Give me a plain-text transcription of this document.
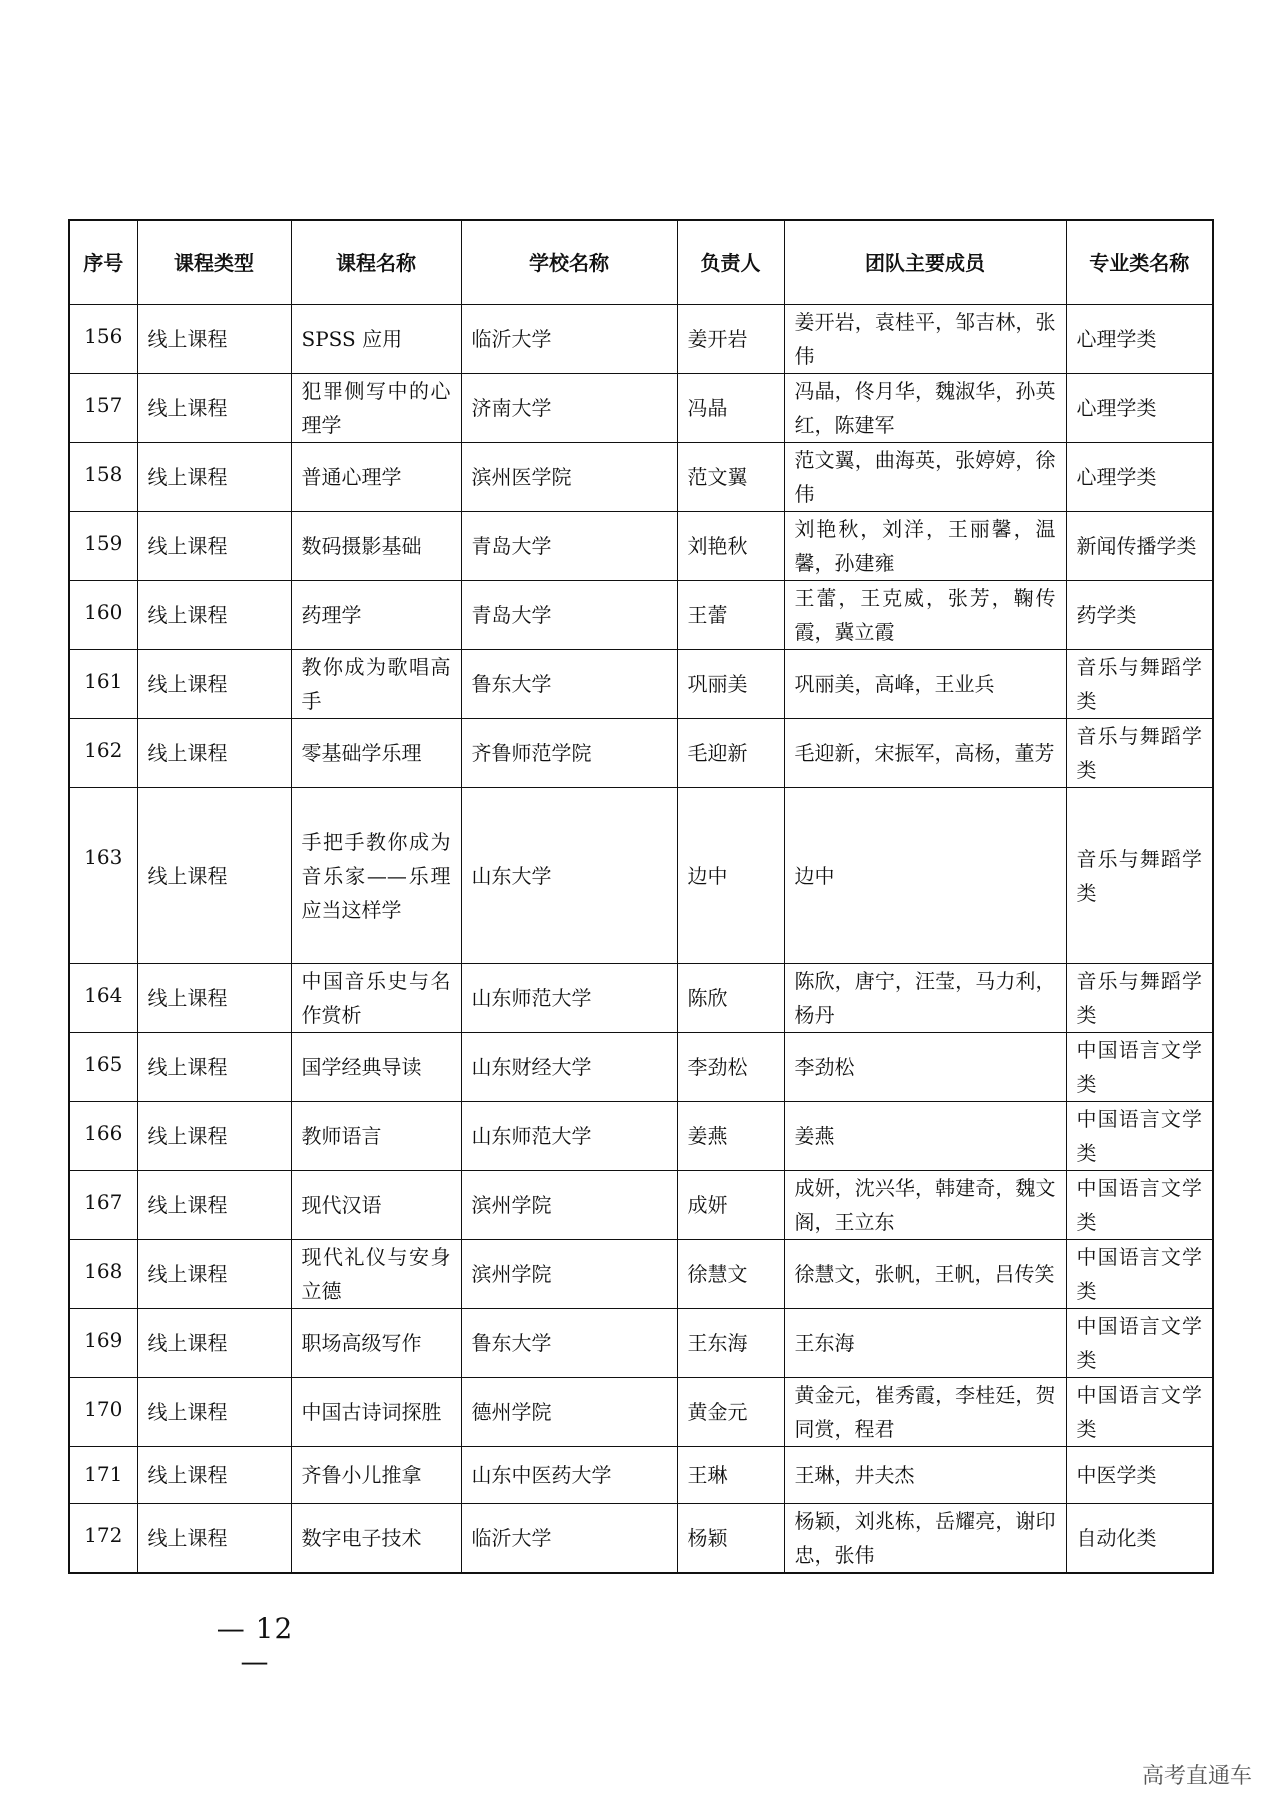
序号	课程类型	课程名称	学校名称	负责人	团队主要成员	专业类名称
156	线上课程	SPSS 应用	临沂大学	姜开岩	姜开岩，袁桂平，邹吉林，张伟	心理学类
157	线上课程	犯罪侧写中的心理学	济南大学	冯晶	冯晶，佟月华，魏淑华，孙英红，陈建军	心理学类
158	线上课程	普通心理学	滨州医学院	范文翼	范文翼，曲海英，张婷婷，徐伟	心理学类
159	线上课程	数码摄影基础	青岛大学	刘艳秋	刘艳秋，刘洋，王丽馨，温馨，孙建雍	新闻传播学类
160	线上课程	药理学	青岛大学	王蕾	王蕾，王克威，张芳，鞠传霞，冀立霞	药学类
161	线上课程	教你成为歌唱高手	鲁东大学	巩丽美	巩丽美，高峰，王业兵	音乐与舞蹈学类
162	线上课程	零基础学乐理	齐鲁师范学院	毛迎新	毛迎新，宋振军，高杨，董芳	音乐与舞蹈学类
163	线上课程	手把手教你成为音乐家——乐理应当这样学	山东大学	边中	边中	音乐与舞蹈学类
164	线上课程	中国音乐史与名作赏析	山东师范大学	陈欣	陈欣，唐宁，汪莹，马力利，杨丹	音乐与舞蹈学类
165	线上课程	国学经典导读	山东财经大学	李劲松	李劲松	中国语言文学类
166	线上课程	教师语言	山东师范大学	姜燕	姜燕	中国语言文学类
167	线上课程	现代汉语	滨州学院	成妍	成妍，沈兴华，韩建奇，魏文阁，王立东	中国语言文学类
168	线上课程	现代礼仪与安身立德	滨州学院	徐慧文	徐慧文，张帆，王帆，吕传笑	中国语言文学类
169	线上课程	职场高级写作	鲁东大学	王东海	王东海	中国语言文学类
170	线上课程	中国古诗词探胜	德州学院	黄金元	黄金元，崔秀霞，李桂廷，贺同赏，程君	中国语言文学类
171	线上课程	齐鲁小儿推拿	山东中医药大学	王琳	王琳，井夫杰	中医学类
172	线上课程	数字电子技术	临沂大学	杨颖	杨颖，刘兆栋，岳耀亮，谢印忠，张伟	自动化类
— 12 —
高考直通车
